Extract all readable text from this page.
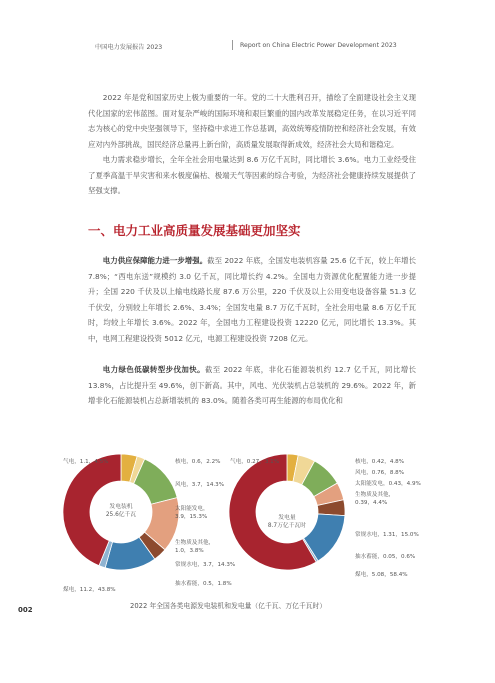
中国电力发展报告 2023	Report on China Electric Power Development 2023

2022 年是党和国家历史上极为重要的一年。党的二十大胜利召开，描绘了全面建设社会主义现代化国家的宏伟蓝图。面对复杂严峻的国际环境和艰巨繁重的国内改革发展稳定任务，在以习近平同志为核心的党中央坚强领导下，坚持稳中求进工作总基调，高效统筹疫情防控和经济社会发展，有效应对内外部挑战，国民经济总量再上新台阶，高质量发展取得新成效，经济社会大局和谐稳定。

电力需求稳步增长，全年全社会用电量达到 8.6 万亿千瓦时，同比增长 3.6%。电力工业经受住了夏季高温干旱灾害和来水极度偏枯、极端天气等因素的综合考验，为经济社会健康持续发展提供了坚强支撑。

一、电力工业高质量发展基础更加坚实

电力供应保障能力进一步增强。截至 2022 年底，全国发电装机容量 25.6 亿千瓦，较上年增长 7.8%；“西电东送”规模约 3.0 亿千瓦，同比增长约 4.2%。全国电力资源优化配置能力进一步提升；全国 220 千伏及以上输电线路长度 87.6 万公里，220 千伏及以上公用变电设备容量 51.3 亿千伏安，分别较上年增长 2.6%、3.4%；全国发电量 8.7 万亿千瓦时，全社会用电量 8.6 万亿千瓦时，均较上年增长 3.6%。2022 年，全国电力工程建设投资 12220 亿元，同比增长 13.3%。其中，电网工程建设投资 5012 亿元，电源工程建设投资 7208 亿元。

电力绿色低碳转型步伐加快。截至 2022 年底，非化石能源装机约 12.7 亿千瓦，同比增长 13.8%，占比提升至 49.6%，创下新高。其中，风电、光伏装机占总装机的 29.6%。2022 年，新增非化石能源装机占总新增装机的 83.0%。随着各类可再生能源的布局优化和

发电装机
25.6亿千瓦
气电，1.1，4.5%	核电，0.6，2.2%
风电，3.7，14.3%
太阳能发电，
3.9，15.3%
生物质及其他，
1.0，3.8%
常规水电，3.7，14.3%
抽水蓄能，0.5，1.8%
煤电，11.2，43.8%
发电量
8.7万亿千瓦时
气电，0.27，3.1%	核电，0.42，4.8%
风电，0.76，8.8%
太阳能发电，0.43，4.9%
生物质及其他，
0.39，4.4%
常规水电，1.31，15.0%
抽水蓄能，0.05，0.6%
煤电，5.08，58.4%
2022 年全国各类电源发电装机和发电量（亿千瓦、万亿千瓦时）
002
